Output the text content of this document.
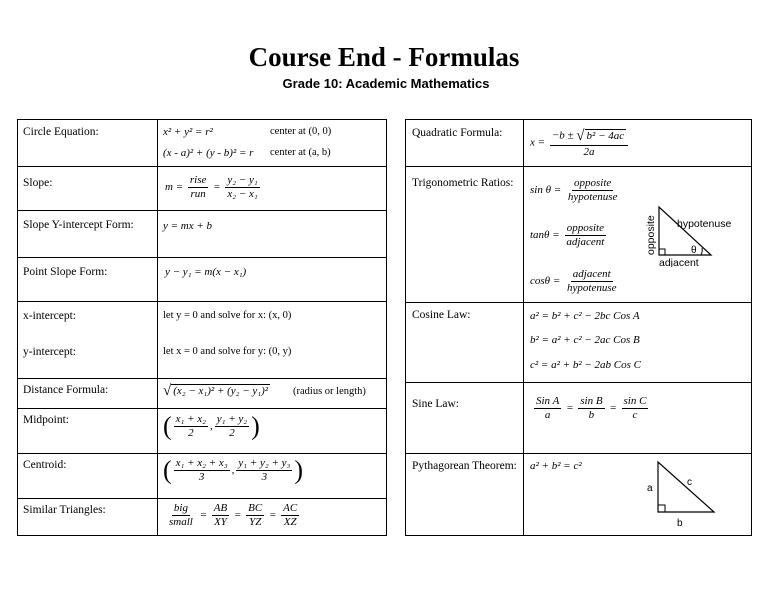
Course End - Formulas
Grade 10: Academic Mathematics
Circle Equation:	x² + y² = r²	center at (0, 0)
(x - a)² + (y - b)² = r center at (a, b)
Slope:	$m = \frac{\text{rise}}{\text{run}} = \frac{\text{y₂ − y₁}}{\text{x₂ − x₁}}$
Slope Y-intercept Form:	y = mx + b
Point Slope Form:	y − y₁ = m(x − x₁)
x-intercept:	let y = 0 and solve for x: (x, 0)
y-intercept:	let x = 0 and solve for y: (0, y)
Distance Formula:	√ (x₂ − x₁)² + (y₂ − y₁)² (radius or length)
Midpoint:	( $\frac{\text{x₁ + x₂}}{2}$ , $\frac{\text{y₁ + y₂}}{2}$ )
Centroid:	( $\frac{\text{x₁ + x₂ + x₃}}{3}$ , $\frac{\text{y₁ + y₂ + y₃}}{3}$ )
Similar Triangles:	$\frac{\text{big}}{\text{small}} = \frac{AB}{XY} = \frac{BC}{YZ} = \frac{AC}{XZ}$
Quadratic Formula:
$x = \frac{\text{−b ± √ b² − 4ac}}{2a}$
Trigonometric Ratios:
$\sin \theta = \frac{\text{opposite}}{\text{hypotenuse}}$
$\tan\theta = \frac{\text{opposite}}{\text{adjacent}}$
$\cos\theta = \frac{\text{adjacent}}{\text{hypotenuse}}$
hypotenuse
opposite
adjacent
θ
Cosine Law:	a² = b² + c² − 2bc Cos A
b² = a² + c² − 2ac Cos B
c² = a² + b² − 2ab Cos C
Sine Law:	$\frac{\text{Sin A}}{a} = \frac{\text{sin B}}{b} = \frac{\text{sin C}}{c}$
Pythagorean Theorem: a² + b² = c²
a
b
c
